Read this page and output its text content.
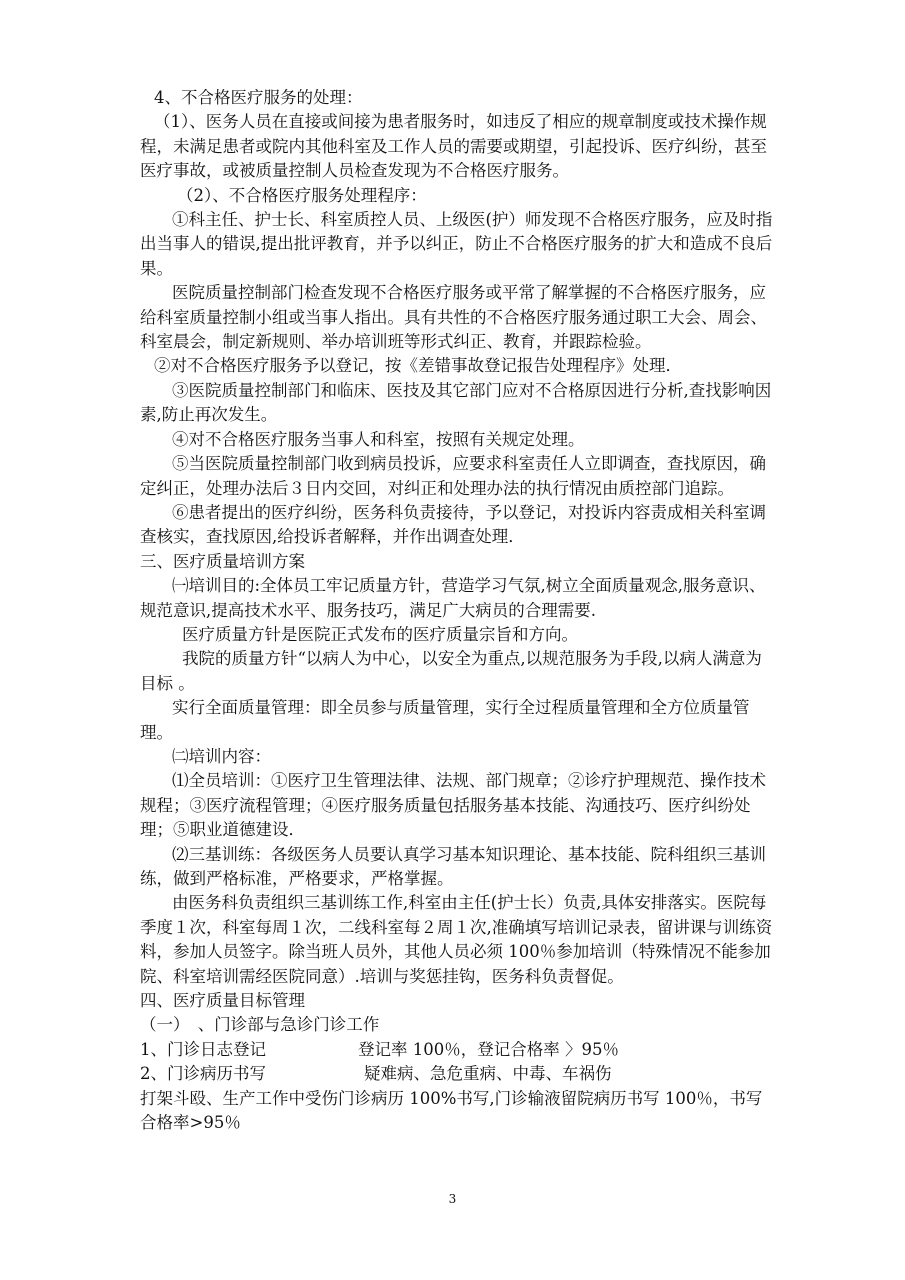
4、不合格医疗服务的处理：

（1）、医务人员在直接或间接为患者服务时，如违反了相应的规章制度或技术操作规程，未满足患者或院内其他科室及工作人员的需要或期望，引起投诉、医疗纠纷，甚至医疗事故，或被质量控制人员检查发现为不合格医疗服务。

（2）、不合格医疗服务处理程序：

①科主任、护士长、科室质控人员、上级医(护）师发现不合格医疗服务，应及时指出当事人的错误,提出批评教育，并予以纠正，防止不合格医疗服务的扩大和造成不良后果。

医院质量控制部门检查发现不合格医疗服务或平常了解掌握的不合格医疗服务，应给科室质量控制小组或当事人指出。具有共性的不合格医疗服务通过职工大会、周会、科室晨会，制定新规则、举办培训班等形式纠正、教育，并跟踪检验。

②对不合格医疗服务予以登记，按《差错事故登记报告处理程序》处理．

③医院质量控制部门和临床、医技及其它部门应对不合格原因进行分析,查找影响因素,防止再次发生。

④对不合格医疗服务当事人和科室，按照有关规定处理。

⑤当医院质量控制部门收到病员投诉，应要求科室责任人立即调查，查找原因，确定纠正，处理办法后３日内交回，对纠正和处理办法的执行情况由质控部门追踪。

⑥患者提出的医疗纠纷，医务科负责接待，予以登记，对投诉内容责成相关科室调查核实，查找原因,给投诉者解释，并作出调查处理．

三、医疗质量培训方案

㈠培训目的:全体员工牢记质量方针，营造学习气氛,树立全面质量观念,服务意识、规范意识,提高技术水平、服务技巧，满足广大病员的合理需要.

医疗质量方针是医院正式发布的医疗质量宗旨和方向。

我院的质量方针“以病人为中心，以安全为重点,以规范服务为手段,以病人满意为目标 。

实行全面质量管理：即全员参与质量管理，实行全过程质量管理和全方位质量管理。

㈡培训内容：

⑴全员培训：①医疗卫生管理法律、法规、部门规章；②诊疗护理规范、操作技术规程；③医疗流程管理；④医疗服务质量包括服务基本技能、沟通技巧、医疗纠纷处理；⑤职业道德建设．

⑵三基训练：各级医务人员要认真学习基本知识理论、基本技能、院科组织三基训练，做到严格标准，严格要求，严格掌握。

由医务科负责组织三基训练工作,科室由主任(护士长）负责,具体安排落实。医院每季度１次，科室每周１次，二线科室每２周１次,准确填写培训记录表，留讲课与训练资料，参加人员签字。除当班人员外，其他人员必须 100％参加培训（特殊情况不能参加院、科室培训需经医院同意）.培训与奖惩挂钩，医务科负责督促。

四、医疗质量目标管理

（一）　、门诊部与急诊门诊工作

1、门诊日志登记	登记率 100％，登记合格率 〉95％
2、门诊病历书写	疑难病、急危重病、中毒、车祸伤

打架斗殴、生产工作中受伤门诊病历 100%书写,门诊输液留院病历书写 100％，书写合格率>95％

3
